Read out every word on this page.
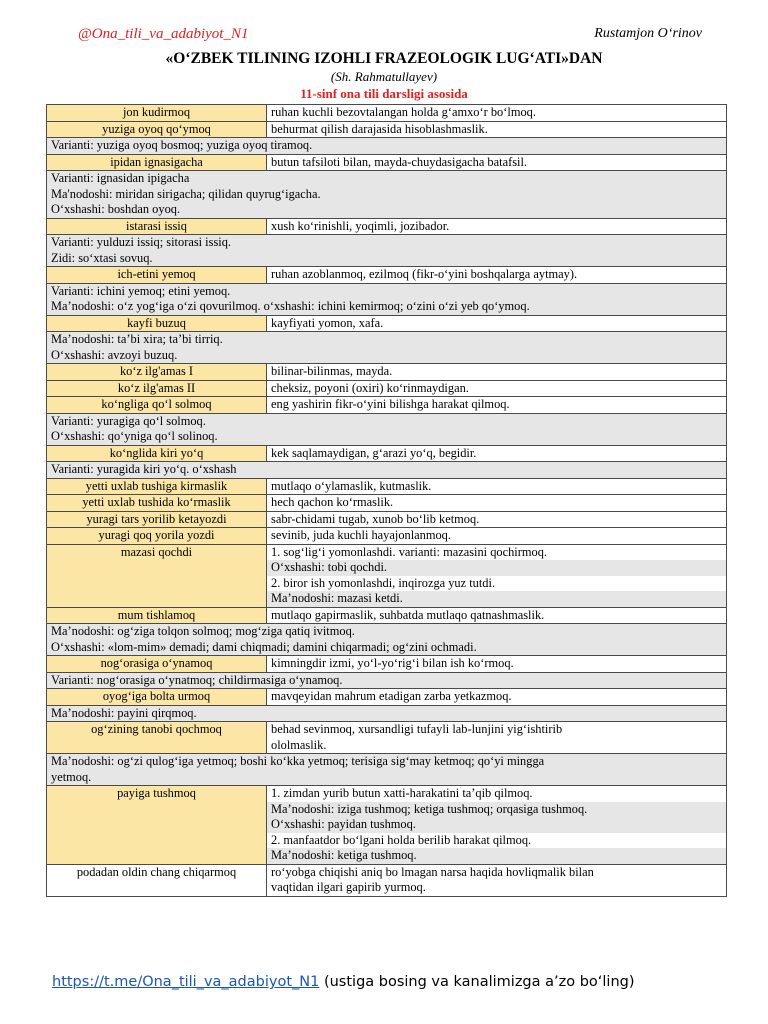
@Ona_tili_va_adabiyot_N1	Rustamjon O‘rinov
«O‘ZBEK TILINING IZOHLI FRAZEOLOGIK LUG‘ATI»DAN
(Sh. Rahmatullayev)
11-sinf ona tili darsligi asosida
jon kudirmoq	ruhan kuchli bezovtalangan holda g‘amxo‘r bo‘lmoq.

yuziga oyoq qo‘ymoq	behurmat qilish darajasida hisoblashmaslik.

Varianti: yuziga oyoq bosmoq; yuziga oyoq tiramoq.	

ipidan ignasigacha	butun tafsiloti bilan, mayda-chuydasigacha batafsil.

Varianti: ignasidan ipigacha
Ma'nodoshi: miridan sirigacha; qilidan quyrug‘igacha.
O‘xshashi: boshdan oyoq.	

istarasi issiq	xush ko‘rinishli, yoqimli, jozibador.

Varianti: yulduzi issiq; sitorasi issiq.
Zidi: so‘xtasi sovuq.	

ich-etini yemoq	ruhan azoblanmoq, ezilmoq (fikr-o‘yini boshqalarga aytmay).

Varianti: ichini yemoq; etini yemoq.
Ma’nodoshi: o‘z yog‘iga o‘zi qovurilmoq. o‘xshashi: ichini kemirmoq; o‘zini o‘zi yeb qo‘ymoq.	

kayfi buzuq	kayfiyati yomon, xafa.

Ma’nodoshi: ta’bi xira; ta’bi tirriq.
O‘xshashi: avzoyi buzuq.	

ko‘z ilg'amas I	bilinar-bilinmas, mayda.

ko‘z ilg'amas II	cheksiz, poyoni (oxiri) ko‘rinmaydigan.

ko‘ngliga qo‘l solmoq	eng yashirin fikr-o‘yini bilishga harakat qilmoq.

Varianti: yuragiga qo‘l solmoq.
O‘xshashi: qo‘yniga qo‘l solinoq.	

ko‘nglida kiri yo‘q	kek saqlamaydigan, g‘arazi yo‘q, begidir.

Varianti: yuragida kiri yo‘q. o‘xshash	

yetti uxlab tushiga kirmaslik	mutlaqo o‘ylamaslik, kutmaslik.

yetti uxlab tushida ko‘rmaslik	hech qachon ko‘rmaslik.

yuragi tars yorilib ketayozdi	sabr-chidami tugab, xunob bo‘lib ketmoq.

yuragi qoq yorila yozdi	sevinib, juda kuchli hayajonlanmoq.

mazasi qochdi	1. sog‘lig‘i yomonlashdi. varianti: mazasini qochirmoq.
O‘xshashi: tobi qochdi.
2. biror ish yomonlashdi, inqirozga yuz tutdi.
Ma’nodoshi: mazasi ketdi.

mum tishlamoq	mutlaqo gapirmaslik, suhbatda mutlaqo qatnashmaslik.

Ma’nodoshi: og‘ziga tolqon solmoq; mog‘ziga qatiq ivitmoq.
O‘xshashi: «lom-mim» demadi; dami chiqmadi; damini chiqarmadi; og‘zini ochmadi.	

nog‘orasiga o‘ynamoq	kimningdir izmi, yo‘l-yo‘rig‘i bilan ish ko‘rmoq.

Varianti: nog‘orasiga o‘ynatmoq; childirmasiga o‘ynamoq.	

oyog‘iga bolta urmoq	mavqeyidan mahrum etadigan zarba yetkazmoq.

Ma’nodoshi: payini qirqmoq.	

og‘zining tanobi qochmoq	behad sevinmoq, xursandligi tufayli lab-lunjini yig‘ishtirib
ololmaslik.

Ma’nodoshi: og‘zi qulog‘iga yetmoq; boshi ko‘kka yetmoq; terisiga sig‘may ketmoq; qo‘yi mingga
yetmoq.	

payiga tushmoq	1. zimdan yurib butun xatti-harakatini ta’qib qilmoq.
Ma’nodoshi: iziga tushmoq; ketiga tushmoq; orqasiga tushmoq.
O‘xshashi: payidan tushmoq.
2. manfaatdor bo‘lgani holda berilib harakat qilmoq.
Ma’nodoshi: ketiga tushmoq.

podadan oldin chang chiqarmoq	ro‘yobga chiqishi aniq bo lmagan narsa haqida hovliqmalik bilan
vaqtidan ilgari gapirib yurmoq.
https://t.me/Ona_tili_va_adabiyot_N1 (ustiga bosing va kanalimizga a’zo bo‘ling)
